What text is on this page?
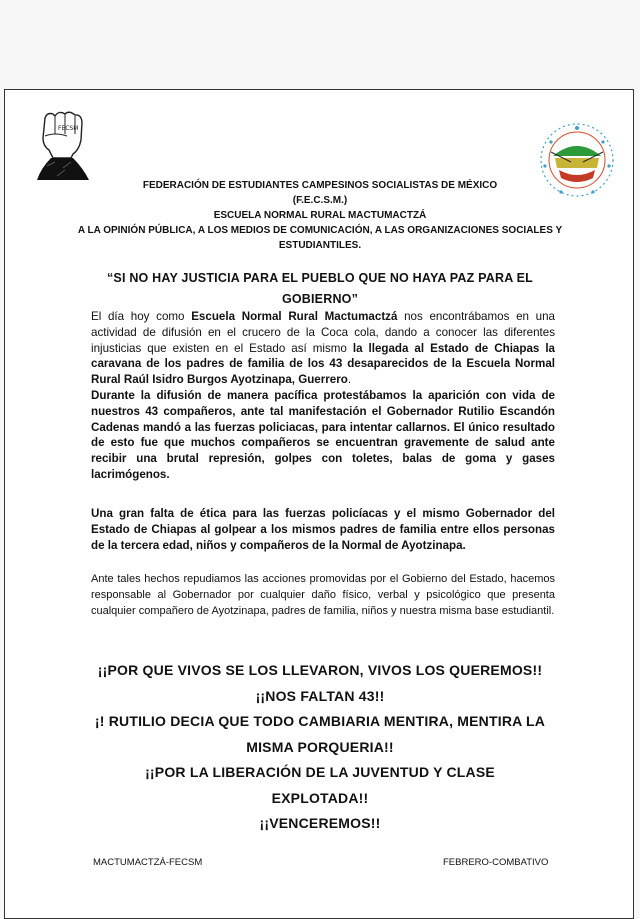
FECSM
FEDERACIÓN DE ESTUDIANTES CAMPESINOS SOCIALISTAS DE MÉXICO
(F.E.C.S.M.)
ESCUELA NORMAL RURAL MACTUMACTZÁ
A LA OPINIÓN PÚBLICA, A LOS MEDIOS DE COMUNICACIÓN, A LAS ORGANIZACIONES SOCIALES Y
ESTUDIANTILES.
“SI NO HAY JUSTICIA PARA EL PUEBLO QUE NO HAYA PAZ PARA EL
GOBIERNO”
El día hoy como Escuela Normal Rural Mactumactzá nos encontrábamos en una actividad de difusión en el crucero de la Coca cola, dando a conocer las diferentes injusticias que existen en el Estado así mismo la llegada al Estado de Chiapas la caravana de los padres de familia de los 43 desaparecidos de la Escuela Normal Rural Raúl Isidro Burgos Ayotzinapa, Guerrero.
Durante la difusión de manera pacífica protestábamos la aparición con vida de nuestros 43 compañeros, ante tal manifestación el Gobernador Rutilio Escandón Cadenas mandó a las fuerzas policiacas, para intentar callarnos. El único resultado de esto fue que muchos compañeros se encuentran gravemente de salud ante recibir una brutal represión, golpes con toletes, balas de goma y gases lacrimógenos.
Una gran falta de ética para las fuerzas policíacas y el mismo Gobernador del Estado de Chiapas al golpear a los mismos padres de familia entre ellos personas de la tercera edad, niños y compañeros de la Normal de Ayotzinapa.
Ante tales hechos repudiamos las acciones promovidas por el Gobierno del Estado, hacemos responsable al Gobernador por cualquier daño físico, verbal y psicológico que presenta cualquier compañero de Ayotzinapa, padres de familia, niños y nuestra misma base estudiantil.
¡¡POR QUE VIVOS SE LOS LLEVARON, VIVOS LOS QUEREMOS!!
¡¡NOS FALTAN 43!!
¡! RUTILIO DECIA QUE TODO CAMBIARIA MENTIRA, MENTIRA LA
MISMA PORQUERIA!!
¡¡POR LA LIBERACIÓN DE LA JUVENTUD Y CLASE
EXPLOTADA!!
¡¡VENCEREMOS!!
MACTUMACTZÁ-FECSM	FEBRERO-COMBATIVO
